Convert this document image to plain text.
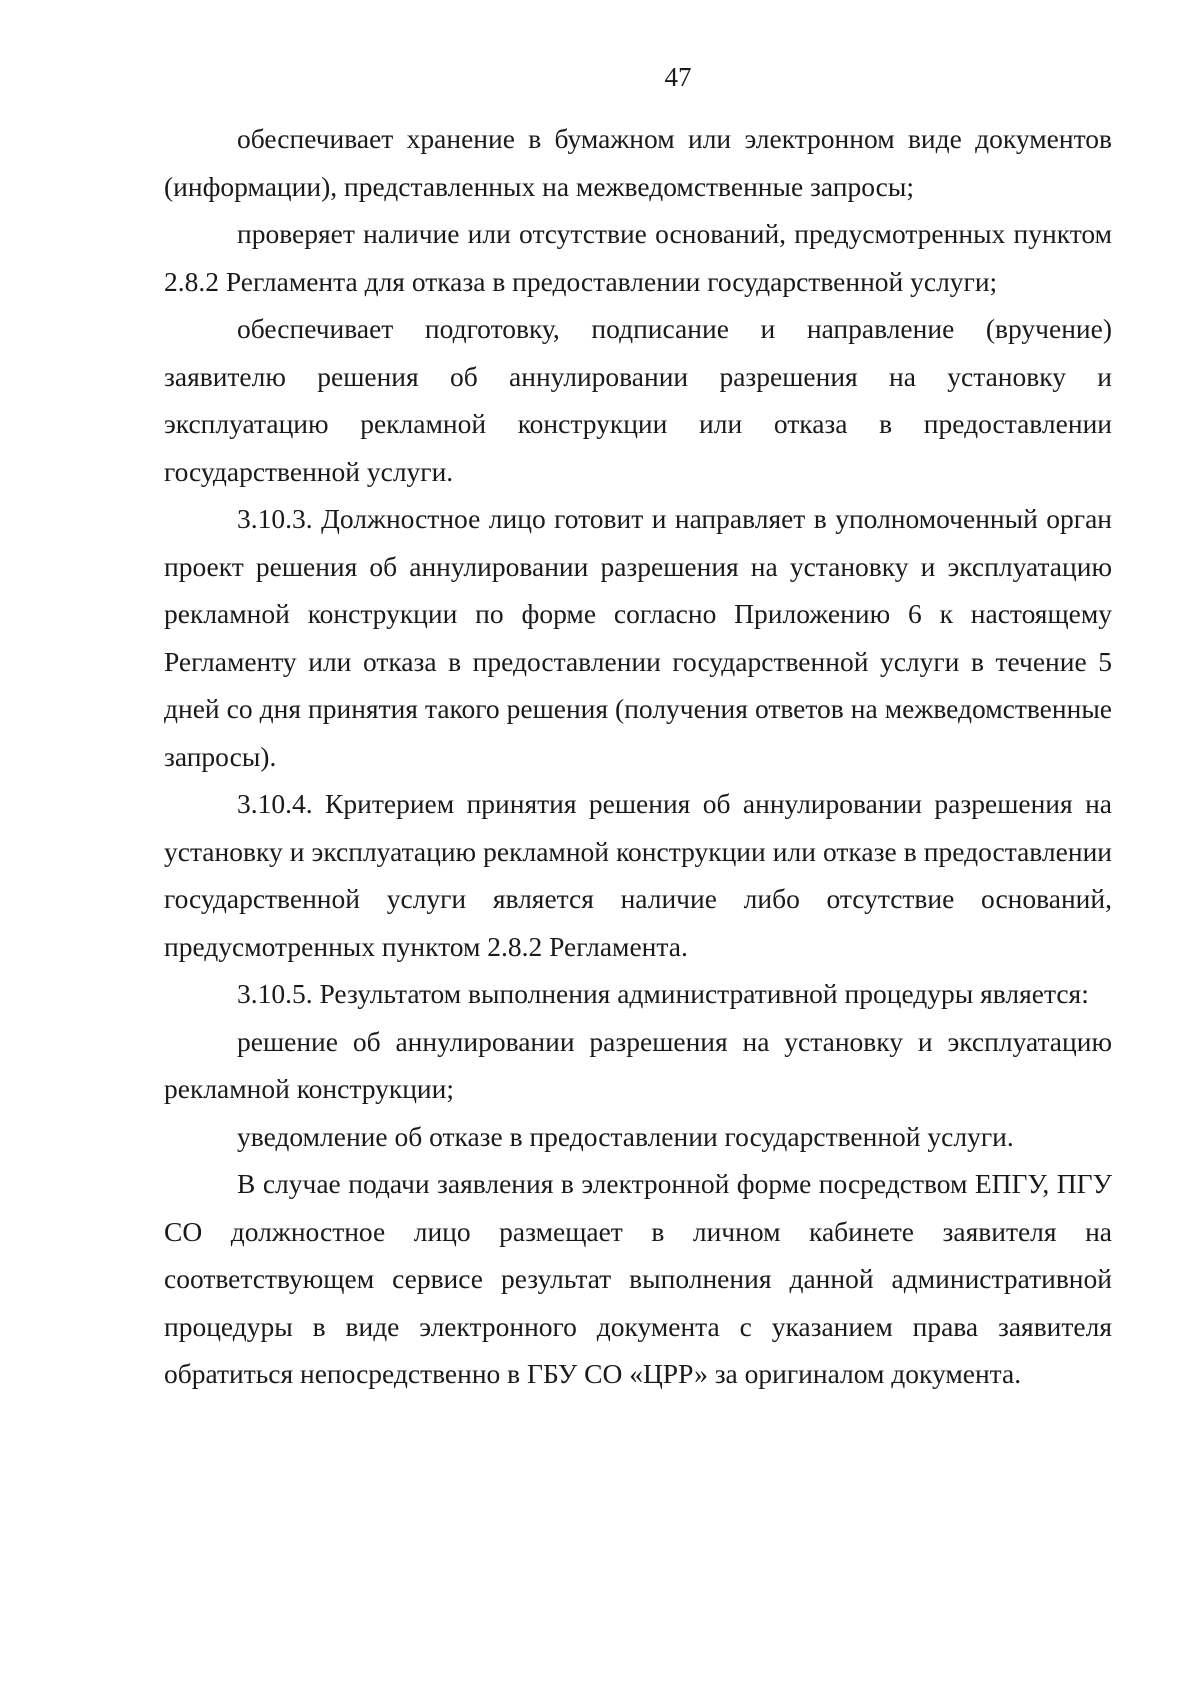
47

обеспечивает хранение в бумажном или электронном виде документов (информации), представленных на межведомственные запросы;

проверяет наличие или отсутствие оснований, предусмотренных пунктом 2.8.2 Регламента для отказа в предоставлении государственной услуги;

обеспечивает подготовку, подписание и направление (вручение) заявителю решения об аннулировании разрешения на установку и эксплуатацию рекламной конструкции или отказа в предоставлении государственной услуги.

3.10.3. Должностное лицо готовит и направляет в уполномоченный орган проект решения об аннулировании разрешения на установку и эксплуатацию рекламной конструкции по форме согласно Приложению 6 к настоящему Регламенту или отказа в предоставлении государственной услуги в течение 5 дней со дня принятия такого решения (получения ответов на межведомственные запросы).

3.10.4. Критерием принятия решения об аннулировании разрешения на установку и эксплуатацию рекламной конструкции или отказе в предоставлении государственной услуги является наличие либо отсутствие оснований, предусмотренных пунктом 2.8.2 Регламента.

3.10.5. Результатом выполнения административной процедуры является:

решение об аннулировании разрешения на установку и эксплуатацию рекламной конструкции;

уведомление об отказе в предоставлении государственной услуги.

В случае подачи заявления в электронной форме посредством ЕПГУ, ПГУ СО должностное лицо размещает в личном кабинете заявителя на соответствующем сервисе результат выполнения данной административной процедуры в виде электронного документа с указанием права заявителя обратиться непосредственно в ГБУ СО «ЦРР» за оригиналом документа.
